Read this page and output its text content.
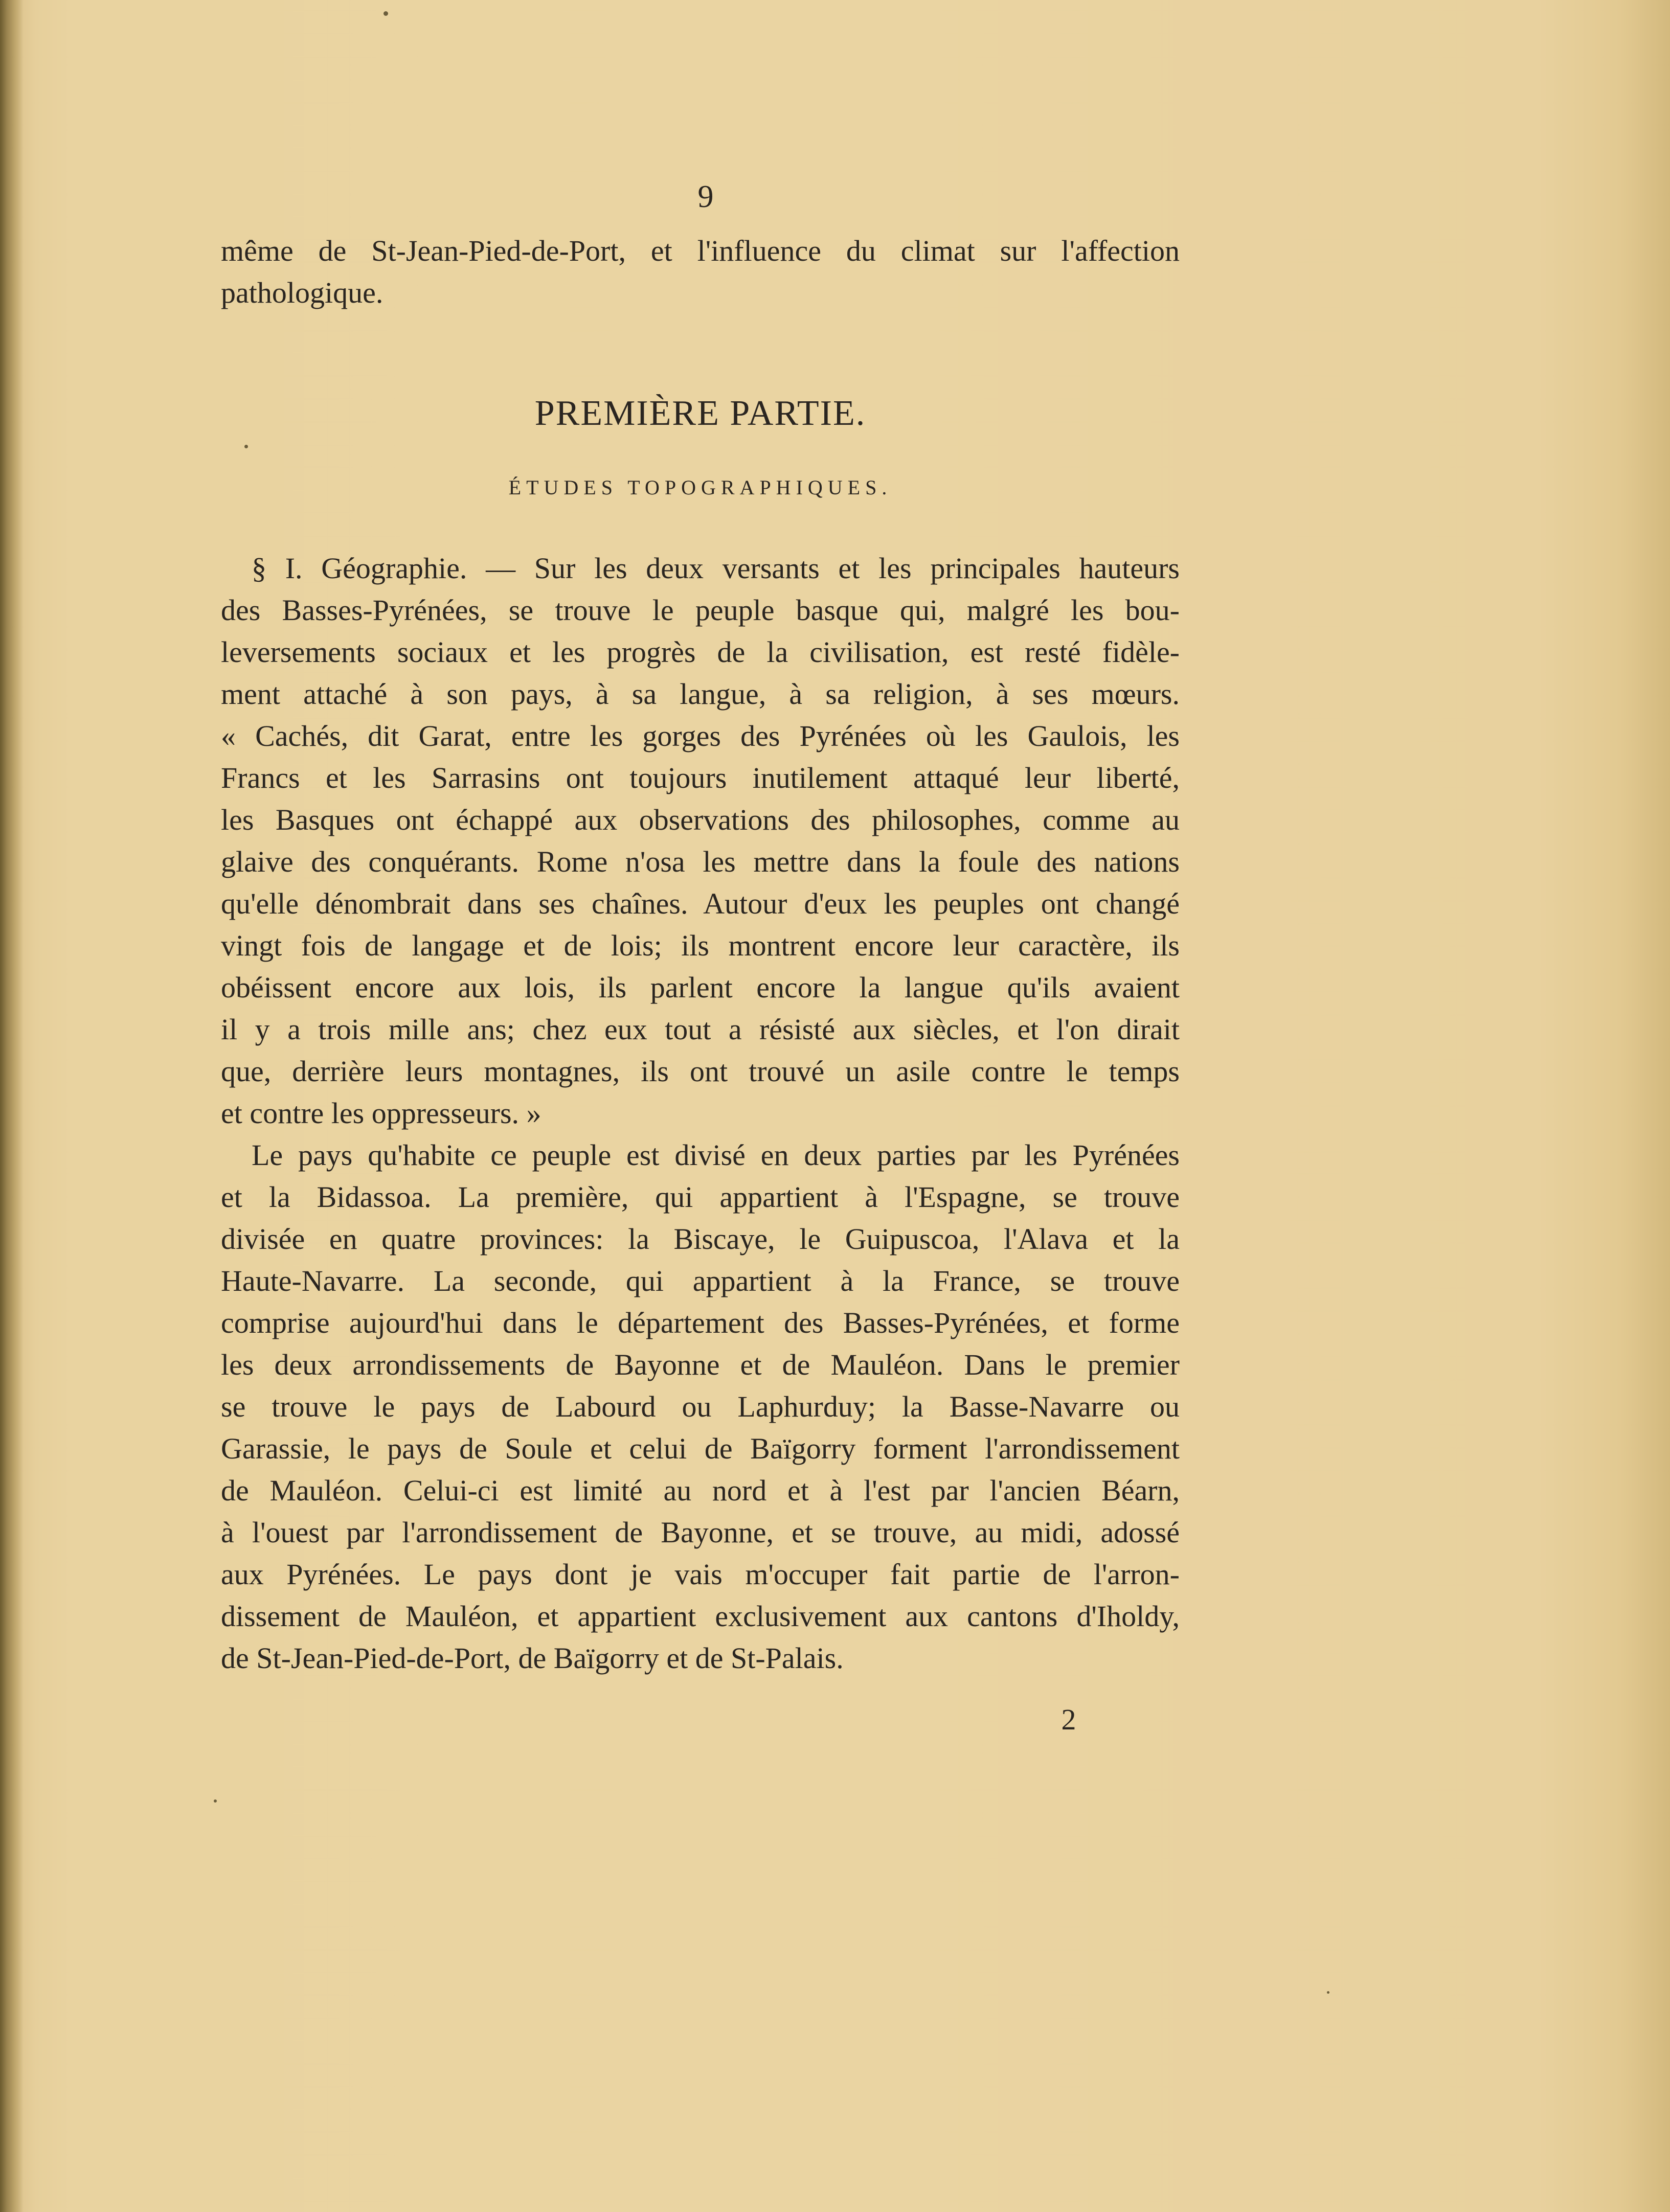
9
même de St-Jean-Pied-de-Port, et l'influence du climat sur l'affection
pathologique.
PREMIÈRE PARTIE.
ÉTUDES TOPOGRAPHIQUES.
§ I. Géographie. — Sur les deux versants et les principales hauteurs
des Basses-Pyrénées, se trouve le peuple basque qui, malgré les bou-
leversements sociaux et les progrès de la civilisation, est resté fidèle-
ment attaché à son pays, à sa langue, à sa religion, à ses mœurs.
« Cachés, dit Garat, entre les gorges des Pyrénées où les Gaulois, les
Francs et les Sarrasins ont toujours inutilement attaqué leur liberté,
les Basques ont échappé aux observations des philosophes, comme au
glaive des conquérants. Rome n'osa les mettre dans la foule des nations
qu'elle dénombrait dans ses chaînes. Autour d'eux les peuples ont changé
vingt fois de langage et de lois; ils montrent encore leur caractère, ils
obéissent encore aux lois, ils parlent encore la langue qu'ils avaient
il y a trois mille ans; chez eux tout a résisté aux siècles, et l'on dirait
que, derrière leurs montagnes, ils ont trouvé un asile contre le temps
et contre les oppresseurs. »
Le pays qu'habite ce peuple est divisé en deux parties par les Pyrénées
et la Bidassoa. La première, qui appartient à l'Espagne, se trouve
divisée en quatre provinces: la Biscaye, le Guipuscoa, l'Alava et la
Haute-Navarre. La seconde, qui appartient à la France, se trouve
comprise aujourd'hui dans le département des Basses-Pyrénées, et forme
les deux arrondissements de Bayonne et de Mauléon. Dans le premier
se trouve le pays de Labourd ou Laphurduy; la Basse-Navarre ou
Garassie, le pays de Soule et celui de Baïgorry forment l'arrondissement
de Mauléon. Celui-ci est limité au nord et à l'est par l'ancien Béarn,
à l'ouest par l'arrondissement de Bayonne, et se trouve, au midi, adossé
aux Pyrénées. Le pays dont je vais m'occuper fait partie de l'arron-
dissement de Mauléon, et appartient exclusivement aux cantons d'Iholdy,
de St-Jean-Pied-de-Port, de Baïgorry et de St-Palais.
2
